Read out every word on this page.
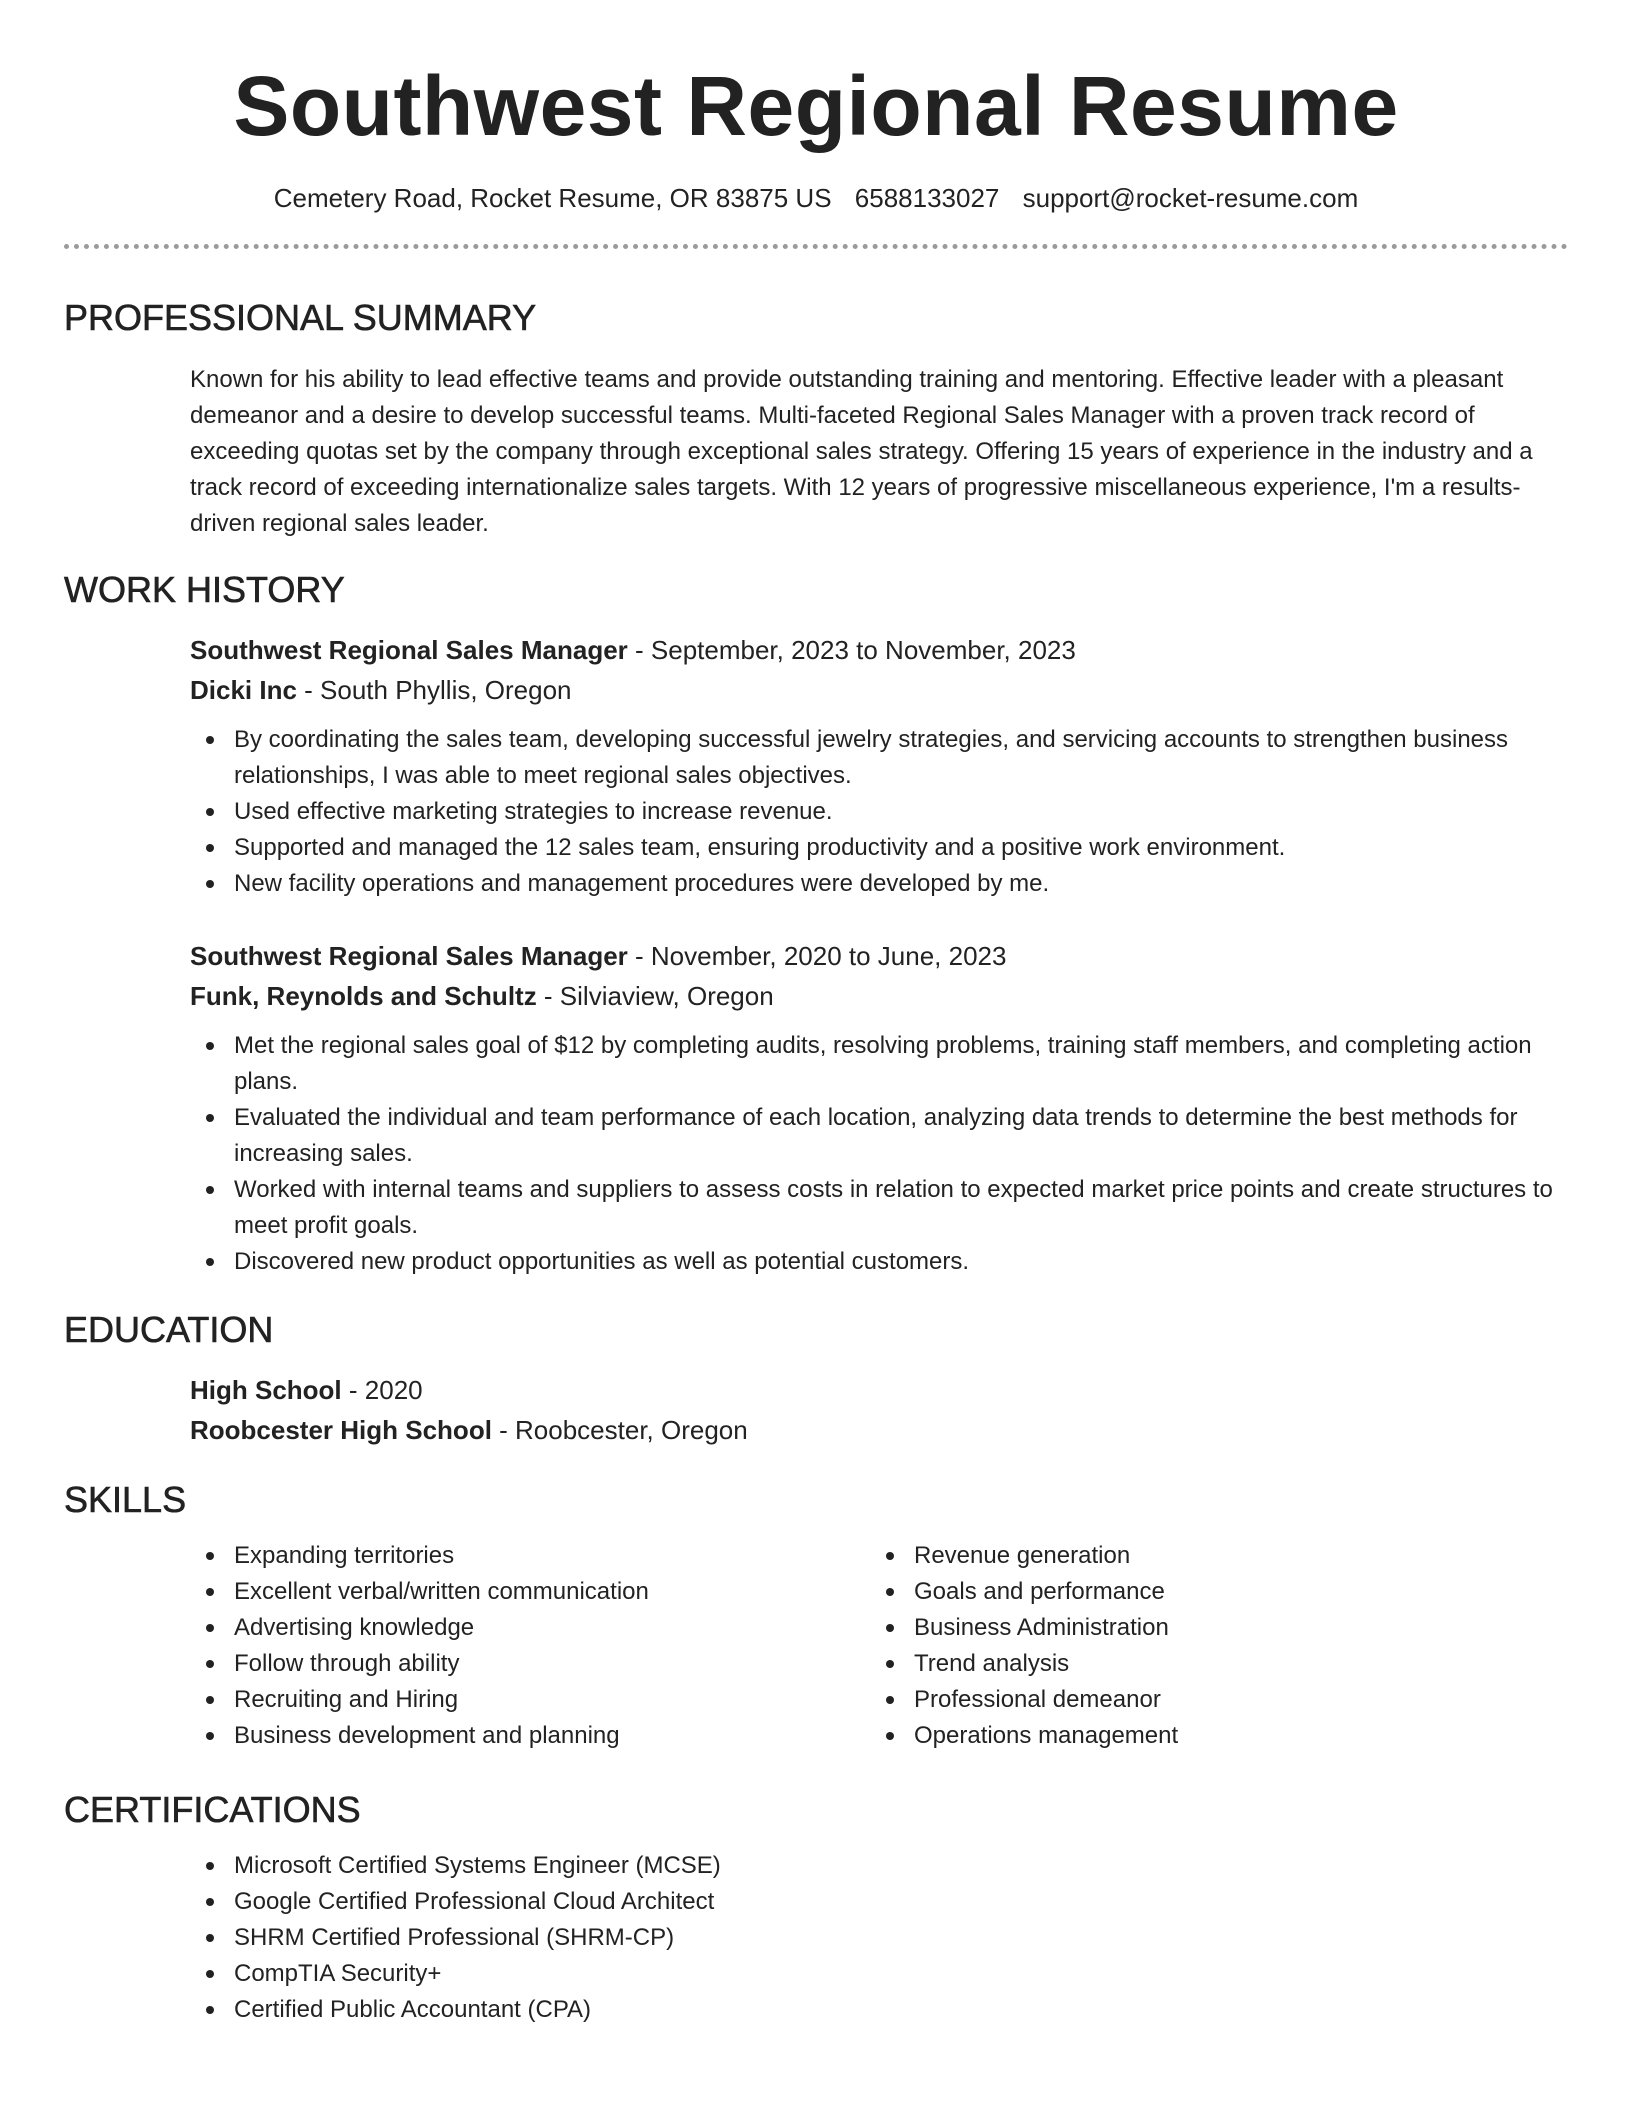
Southwest Regional Resume
Cemetery Road, Rocket Resume, OR 83875 US 6588133027 support@rocket-resume.com
PROFESSIONAL SUMMARY
Known for his ability to lead effective teams and provide outstanding training and mentoring. Effective leader with a pleasant demeanor and a desire to develop successful teams. Multi-faceted Regional Sales Manager with a proven track record of exceeding quotas set by the company through exceptional sales strategy. Offering 15 years of experience in the industry and a track record of exceeding internationalize sales targets. With 12 years of progressive miscellaneous experience, I'm a results-driven regional sales leader.
WORK HISTORY
Southwest Regional Sales Manager - September, 2023 to November, 2023
Dicki Inc - South Phyllis, Oregon
By coordinating the sales team, developing successful jewelry strategies, and servicing accounts to strengthen business relationships, I was able to meet regional sales objectives.
Used effective marketing strategies to increase revenue.
Supported and managed the 12 sales team, ensuring productivity and a positive work environment.
New facility operations and management procedures were developed by me.
Southwest Regional Sales Manager - November, 2020 to June, 2023
Funk, Reynolds and Schultz - Silviaview, Oregon
Met the regional sales goal of $12 by completing audits, resolving problems, training staff members, and completing action plans.
Evaluated the individual and team performance of each location, analyzing data trends to determine the best methods for increasing sales.
Worked with internal teams and suppliers to assess costs in relation to expected market price points and create structures to meet profit goals.
Discovered new product opportunities as well as potential customers.
EDUCATION
High School - 2020
Roobcester High School - Roobcester, Oregon
SKILLS
Expanding territories
Excellent verbal/written communication
Advertising knowledge
Follow through ability
Recruiting and Hiring
Business development and planning
Revenue generation
Goals and performance
Business Administration
Trend analysis
Professional demeanor
Operations management
CERTIFICATIONS
Microsoft Certified Systems Engineer (MCSE)
Google Certified Professional Cloud Architect
SHRM Certified Professional (SHRM-CP)
CompTIA Security+
Certified Public Accountant (CPA)
